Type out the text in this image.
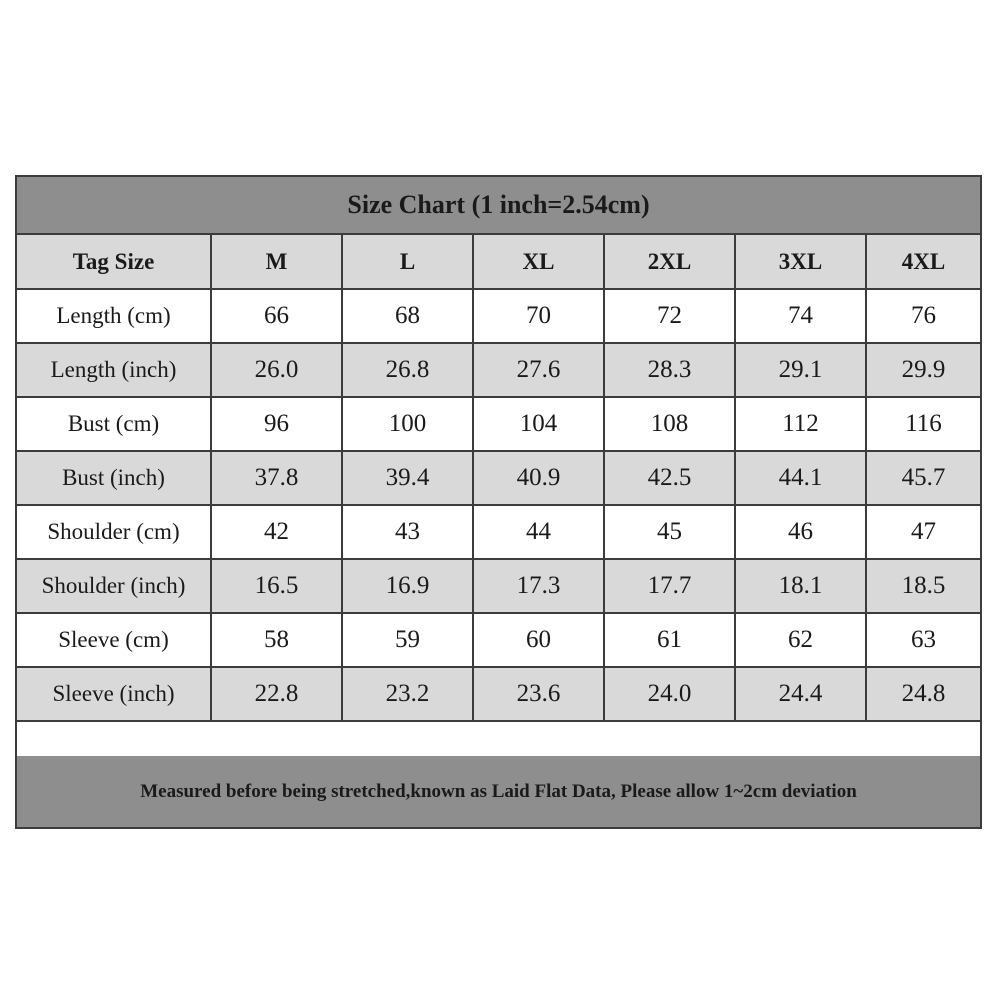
Size Chart (1 inch=2.54cm)
Tag Size	M	L	XL	2XL	3XL	4XL
Length (cm)	66	68	70	72	74	76
Length (inch)	26.0	26.8	27.6	28.3	29.1	29.9
Bust (cm)	96	100	104	108	112	116
Bust (inch)	37.8	39.4	40.9	42.5	44.1	45.7
Shoulder (cm)	42	43	44	45	46	47
Shoulder (inch)	16.5	16.9	17.3	17.7	18.1	18.5
Sleeve (cm)	58	59	60	61	62	63
Sleeve (inch)	22.8	23.2	23.6	24.0	24.4	24.8
Measured before being stretched,known as Laid Flat Data, Please allow 1~2cm deviation
